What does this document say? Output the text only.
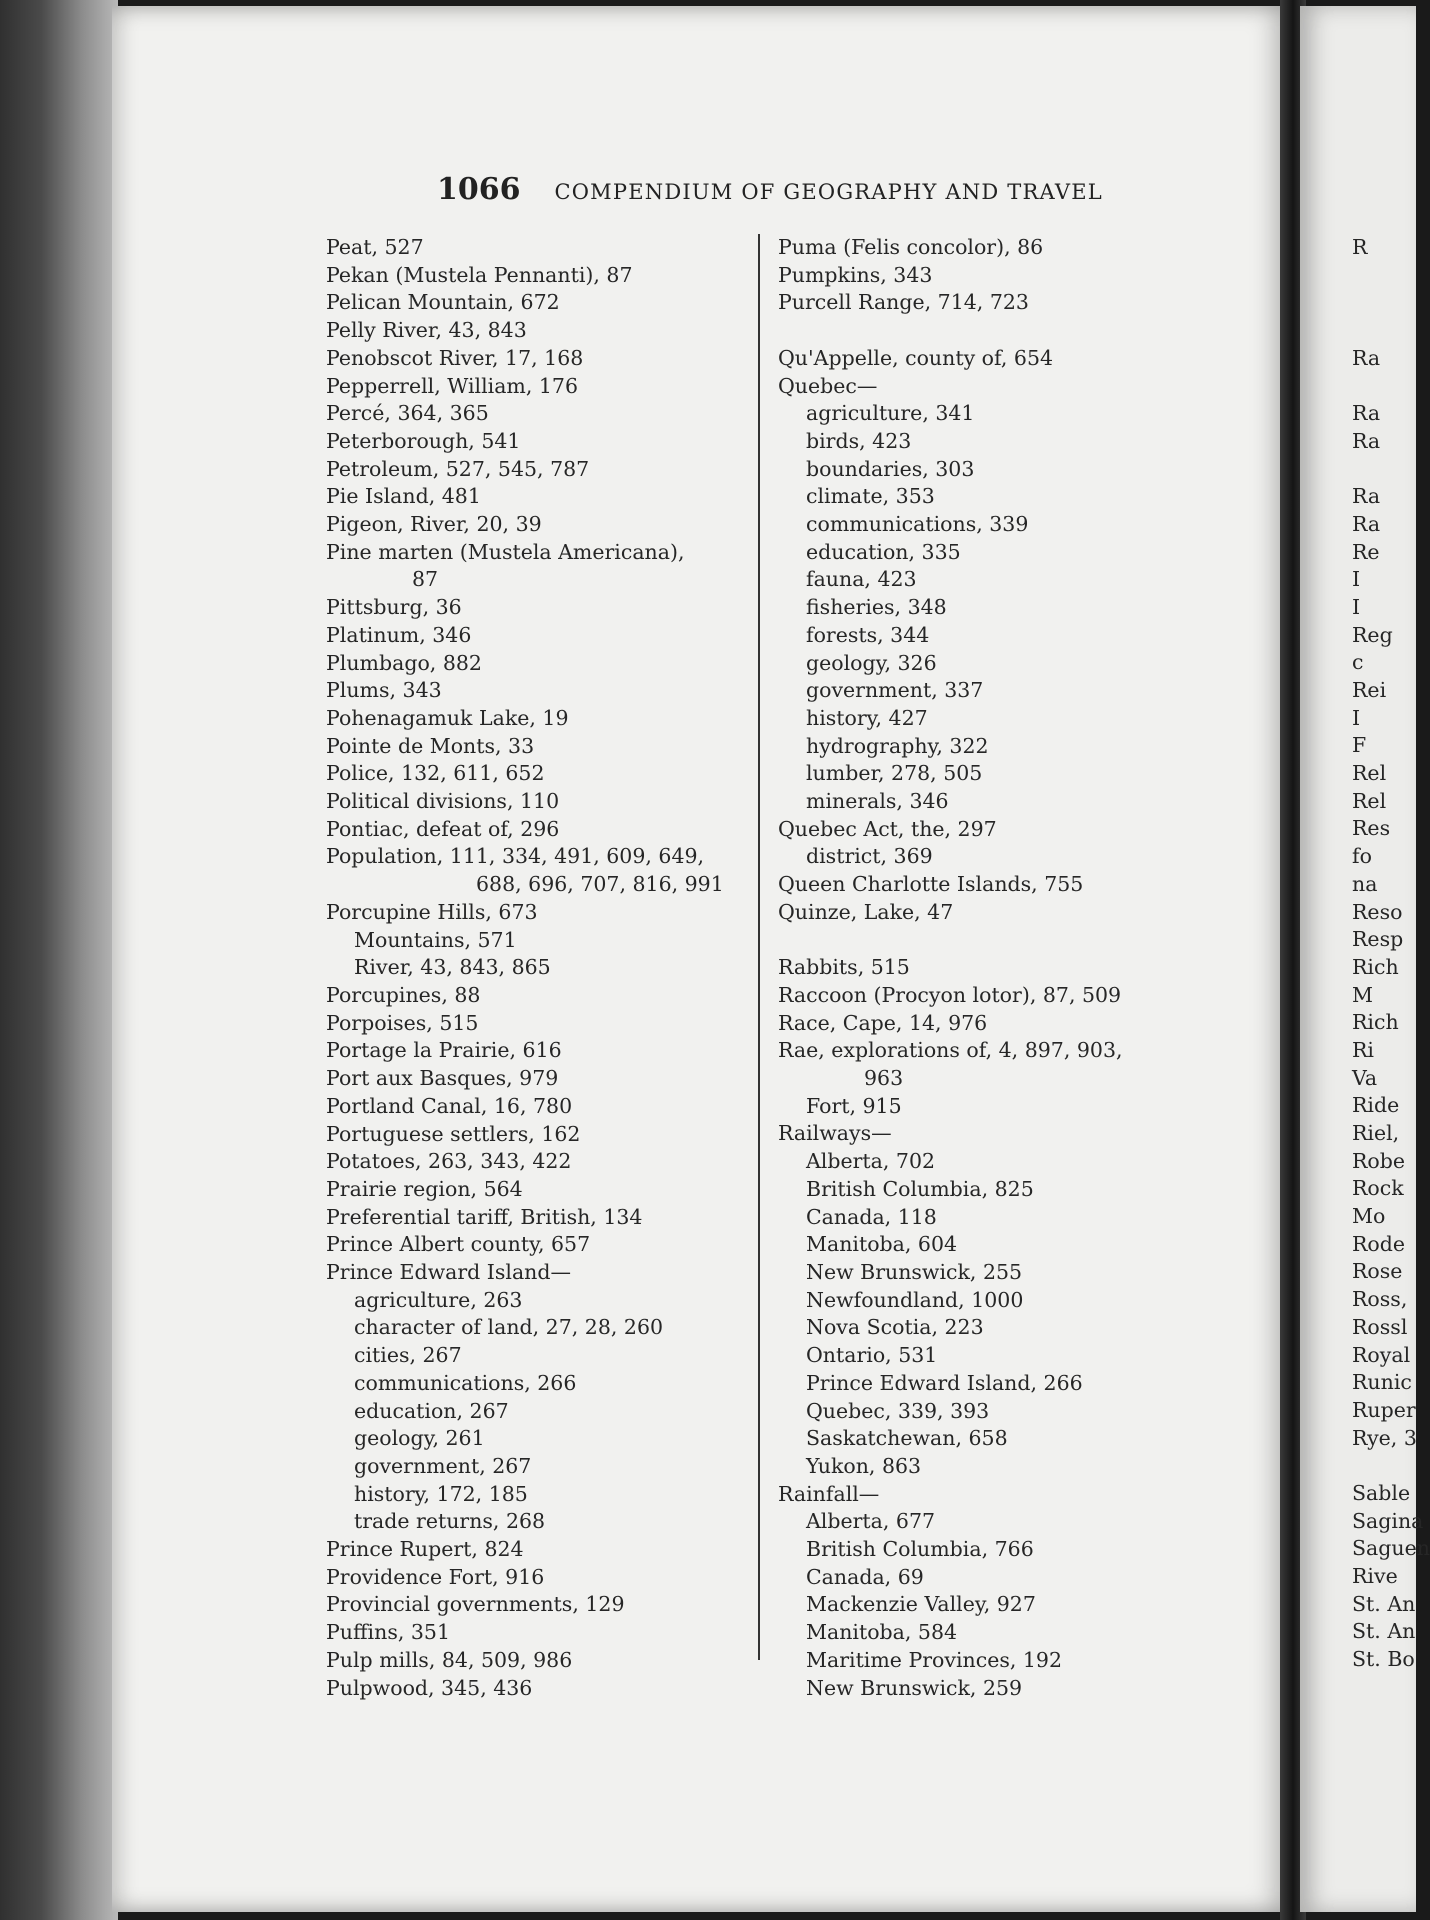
1066 COMPENDIUM OF GEOGRAPHY AND TRAVEL
Peat, 527
Pekan (Mustela Pennanti), 87
Pelican Mountain, 672
Pelly River, 43, 843
Penobscot River, 17, 168
Pepperrell, William, 176
Percé, 364, 365
Peterborough, 541
Petroleum, 527, 545, 787
Pie Island, 481
Pigeon, River, 20, 39
Pine marten (Mustela Americana),
87
Pittsburg, 36
Platinum, 346
Plumbago, 882
Plums, 343
Pohenagamuk Lake, 19
Pointe de Monts, 33
Police, 132, 611, 652
Political divisions, 110
Pontiac, defeat of, 296
Population, 111, 334, 491, 609, 649,
688, 696, 707, 816, 991
Porcupine Hills, 673
Mountains, 571
River, 43, 843, 865
Porcupines, 88
Porpoises, 515
Portage la Prairie, 616
Port aux Basques, 979
Portland Canal, 16, 780
Portuguese settlers, 162
Potatoes, 263, 343, 422
Prairie region, 564
Preferential tariff, British, 134
Prince Albert county, 657
Prince Edward Island—
agriculture, 263
character of land, 27, 28, 260
cities, 267
communications, 266
education, 267
geology, 261
government, 267
history, 172, 185
trade returns, 268
Prince Rupert, 824
Providence Fort, 916
Provincial governments, 129
Puffins, 351
Pulp mills, 84, 509, 986
Pulpwood, 345, 436
Puma (Felis concolor), 86
Pumpkins, 343
Purcell Range, 714, 723
Qu'Appelle, county of, 654
Quebec—
agriculture, 341
birds, 423
boundaries, 303
climate, 353
communications, 339
education, 335
fauna, 423
fisheries, 348
forests, 344
geology, 326
government, 337
history, 427
hydrography, 322
lumber, 278, 505
minerals, 346
Quebec Act, the, 297
district, 369
Queen Charlotte Islands, 755
Quinze, Lake, 47
Rabbits, 515
Raccoon (Procyon lotor), 87, 509
Race, Cape, 14, 976
Rae, explorations of, 4, 897, 903,
963
Fort, 915
Railways—
Alberta, 702
British Columbia, 825
Canada, 118
Manitoba, 604
New Brunswick, 255
Newfoundland, 1000
Nova Scotia, 223
Ontario, 531
Prince Edward Island, 266
Quebec, 339, 393
Saskatchewan, 658
Yukon, 863
Rainfall—
Alberta, 677
British Columbia, 766
Canada, 69
Mackenzie Valley, 927
Manitoba, 584
Maritime Provinces, 192
New Brunswick, 259
R
Ra
Ra
Ra
Ra
Ra
Re
I
I
Reg
c
Rei
I
F
Rel
Rel
Res
fo
na
Reso
Resp
Rich
M
Rich
Ri
Va
Ride
Riel,
Robe
Rock
Mo
Rode
Rose
Ross,
Rossl
Royal
Runic
Ruper
Rye, 3
Sable
Sagina
Saguen
Rive
St. An
St. An
St. Bo
